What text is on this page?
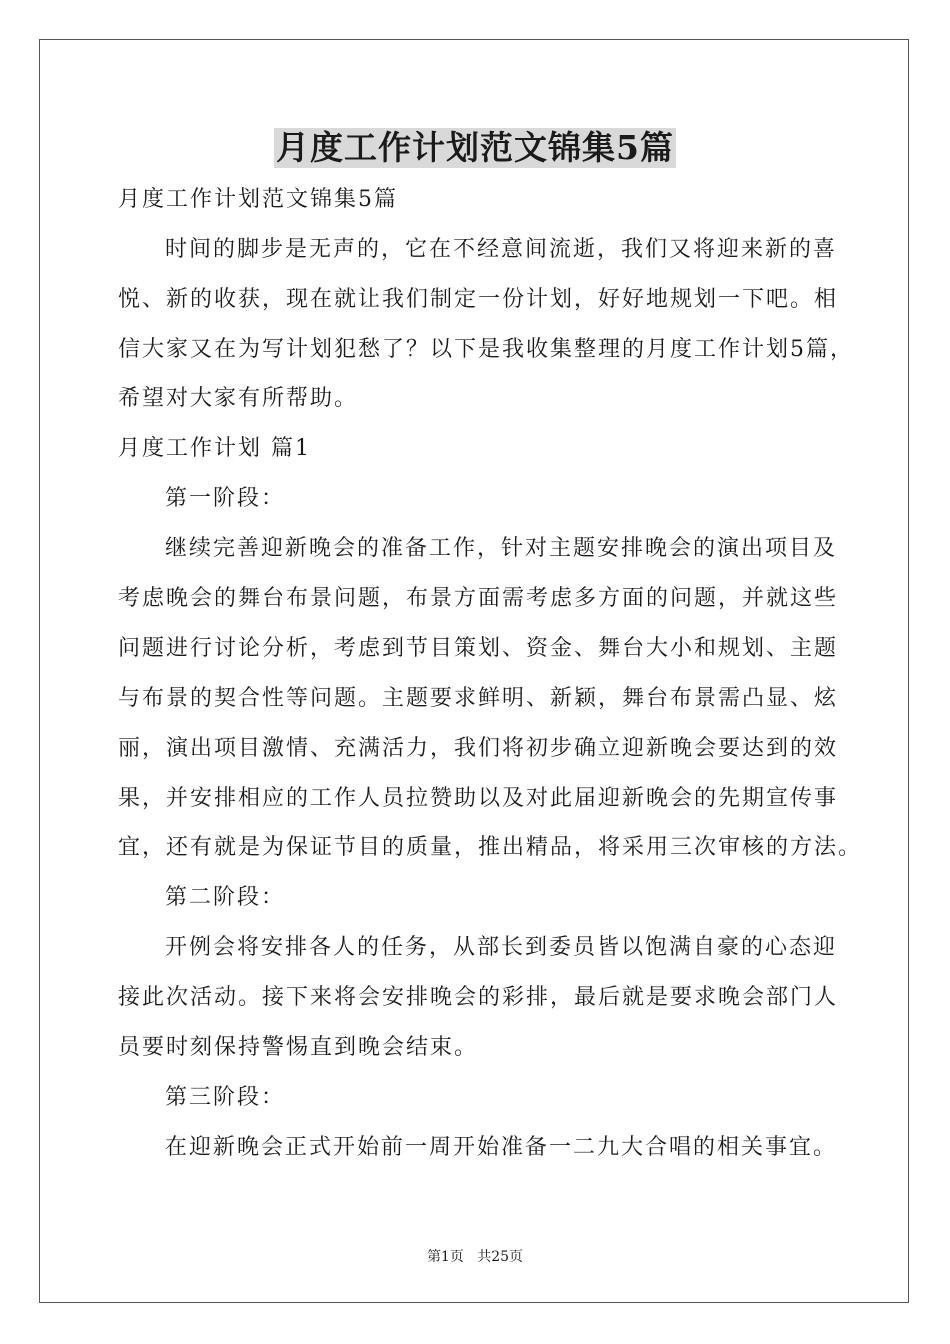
月度工作计划范文锦集5篇
月度工作计划范文锦集5篇
时间的脚步是无声的，它在不经意间流逝，我们又将迎来新的喜
悦、新的收获，现在就让我们制定一份计划，好好地规划一下吧。相
信大家又在为写计划犯愁了？以下是我收集整理的月度工作计划5篇，
希望对大家有所帮助。
月度工作计划 篇1
第一阶段：
继续完善迎新晚会的准备工作，针对主题安排晚会的演出项目及
考虑晚会的舞台布景问题，布景方面需考虑多方面的问题，并就这些
问题进行讨论分析，考虑到节目策划、资金、舞台大小和规划、主题
与布景的契合性等问题。主题要求鲜明、新颖，舞台布景需凸显、炫
丽，演出项目激情、充满活力，我们将初步确立迎新晚会要达到的效
果，并安排相应的工作人员拉赞助以及对此届迎新晚会的先期宣传事
宜，还有就是为保证节目的质量，推出精品，将采用三次审核的方法。
第二阶段：
开例会将安排各人的任务，从部长到委员皆以饱满自豪的心态迎
接此次活动。接下来将会安排晚会的彩排，最后就是要求晚会部门人
员要时刻保持警惕直到晚会结束。
第三阶段：
在迎新晚会正式开始前一周开始准备一二九大合唱的相关事宜。
第1页 共25页
